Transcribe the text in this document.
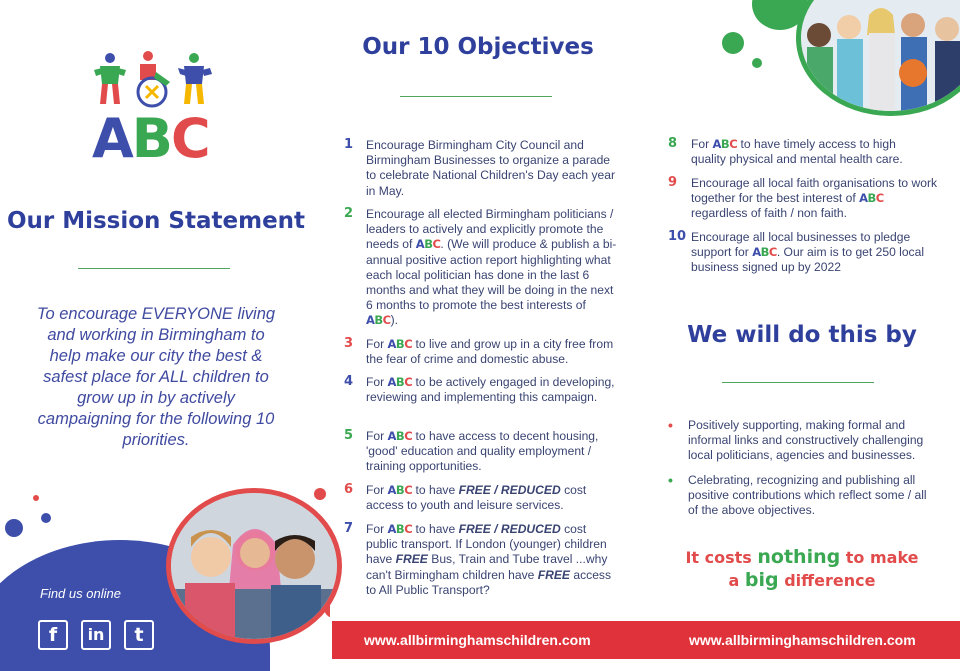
ABC
Our Mission Statement
To encourage EVERYONE living and working in Birmingham to help make our city the best & safest place for ALL children to grow up in by actively campaigning for the following 10 priorities.
Find us online
f	in	t
Our 10 Objectives
1 Encourage Birmingham City Council and Birmingham Businesses to organize a parade to celebrate National Children's Day each year in May.
2 Encourage all elected Birmingham politicians / leaders to actively and explicitly promote the needs of ABC. (We will produce & publish a bi-annual positive action report highlighting what each local politician has done in the last 6 months and what they will be doing in the next 6 months to promote the best interests of ABC).
3 For ABC to live and grow up in a city free from the fear of crime and domestic abuse.
4 For ABC to be actively engaged in developing, reviewing and implementing this campaign.
5 For ABC to have access to decent housing, 'good' education and quality employment / training opportunities.
6 For ABC to have FREE / REDUCED cost access to youth and leisure services.
7 For ABC to have FREE / REDUCED cost public transport. If London (younger) children have FREE Bus, Train and Tube travel ...why can't Birmingham children have FREE access to All Public Transport?
8 For ABC to have timely access to high quality physical and mental health care.
9 Encourage all local faith organisations to work together for the best interest of ABC regardless of faith / non faith.
10 Encourage all local businesses to pledge support for ABC. Our aim is to get 250 local business signed up by 2022
We will do this by
• Positively supporting, making formal and informal links and constructively challenging local politicians, agencies and businesses.
• Celebrating, recognizing and publishing all positive contributions which reflect some / all of the above objectives.
It costs nothing to make
a big difference
www.allbirminghamschildren.com	www.allbirminghamschildren.com
